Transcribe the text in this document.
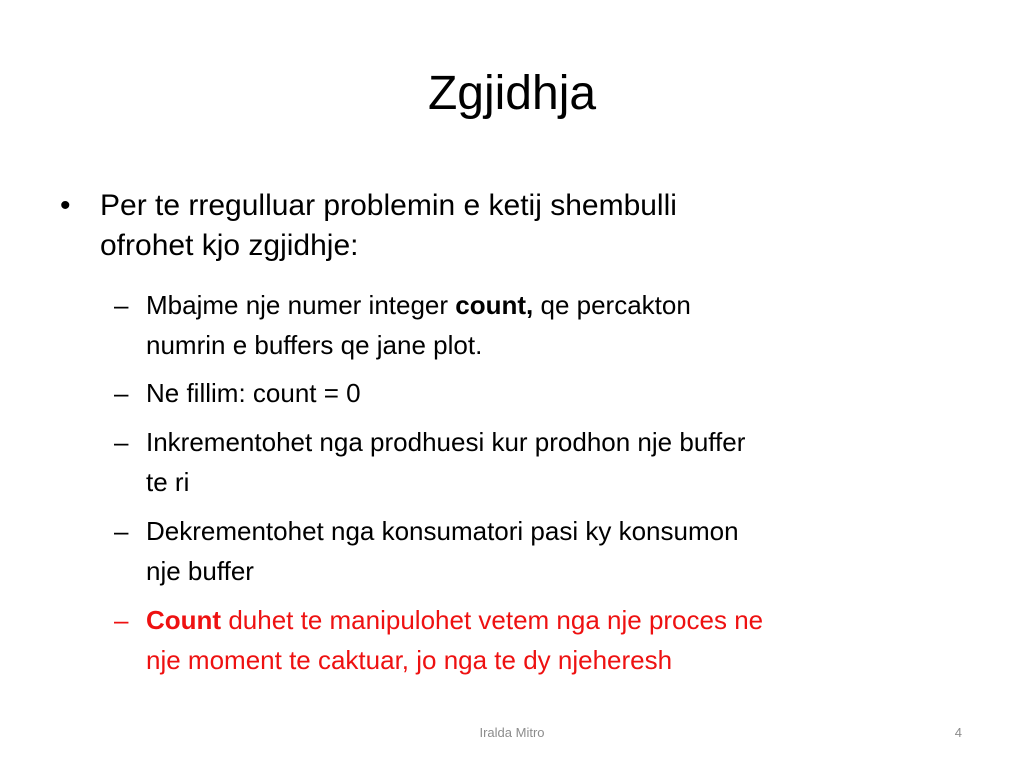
Zgjidhja
• Per te rregulluar problemin e ketij shembulli
ofrohet kjo zgjidhje:
– Mbajme nje numer integer count, qe percakton
numrin e buffers qe jane plot.
– Ne fillim: count = 0
– Inkrementohet nga prodhuesi kur prodhon nje buffer
te ri
– Dekrementohet nga konsumatori pasi ky konsumon
nje buffer
– Count duhet te manipulohet vetem nga nje proces ne
nje moment te caktuar, jo nga te dy njeheresh
Iralda Mitro	4
